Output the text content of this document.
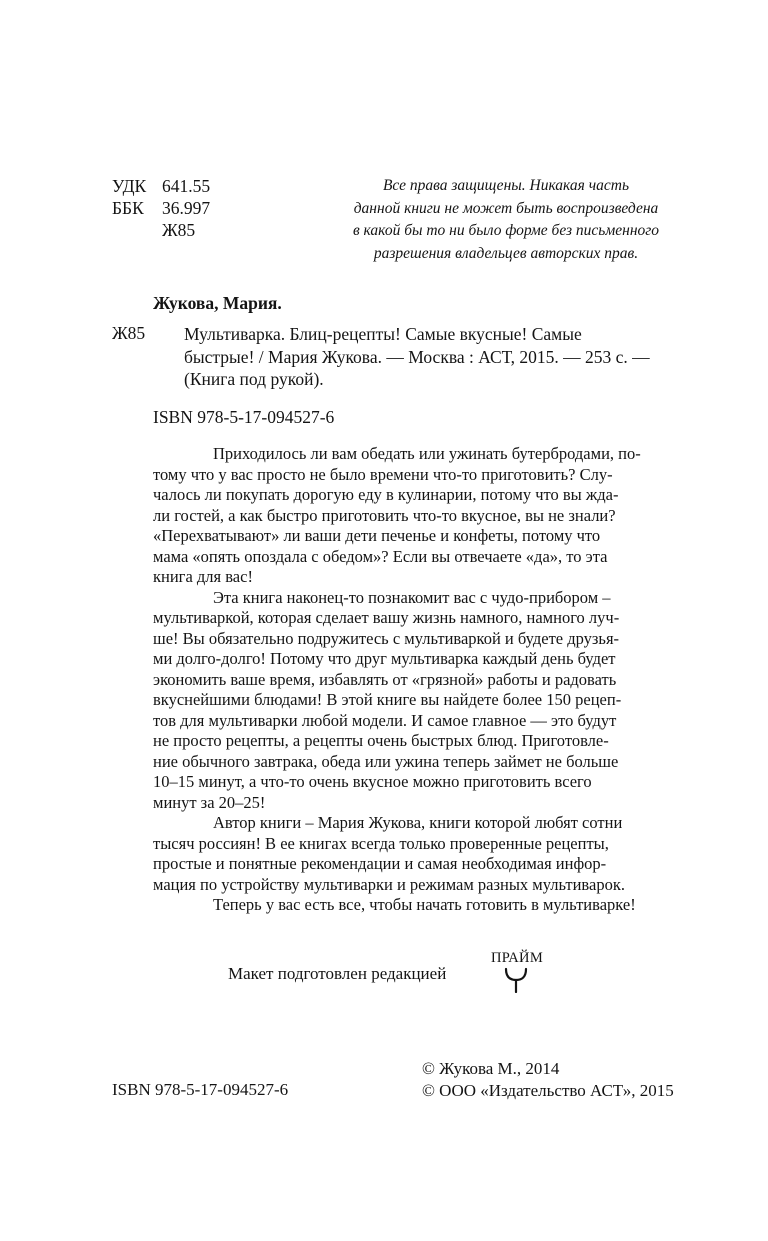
УДК 641.55
ББК 36.997
Ж85
Все права защищены. Никакая часть
данной книги не может быть воспроизведена
в какой бы то ни было форме без письменного
разрешения владельцев авторских прав.
Жукова, Мария.
Ж85 Мультиварка. Блиц-рецепты! Самые вкусные! Самые
быстрые! / Мария Жукова. — Москва : АСТ, 2015. — 253 с. —
(Книга под рукой).
ISBN 978-5-17-094527-6
Приходилось ли вам обедать или ужинать бутербродами, по-
тому что у вас просто не было времени что-то приготовить? Слу-
чалось ли покупать дорогую еду в кулинарии, потому что вы жда-
ли гостей, а как быстро приготовить что-то вкусное, вы не знали?
«Перехватывают» ли ваши дети печенье и конфеты, потому что
мама «опять опоздала с обедом»? Если вы отвечаете «да», то эта
книга для вас!
Эта книга наконец-то познакомит вас с чудо-прибором –
мультиваркой, которая сделает вашу жизнь намного, намного луч-
ше! Вы обязательно подружитесь с мультиваркой и будете друзья-
ми долго-долго! Потому что друг мультиварка каждый день будет
экономить ваше время, избавлять от «грязной» работы и радовать
вкуснейшими блюдами! В этой книге вы найдете более 150 рецеп-
тов для мультиварки любой модели. И самое главное — это будут
не просто рецепты, а рецепты очень быстрых блюд. Приготовле-
ние обычного завтрака, обеда или ужина теперь займет не больше
10–15 минут, а что-то очень вкусное можно приготовить всего
минут за 20–25!
Автор книги – Мария Жукова, книги которой любят сотни
тысяч россиян! В ее книгах всегда только проверенные рецепты,
простые и понятные рекомендации и самая необходимая инфор-
мация по устройству мультиварки и режимам разных мультиварок.
Теперь у вас есть все, чтобы начать готовить в мультиварке!
Макет подготовлен редакцией
ПРАЙМ
© Жукова М., 2014
© ООО «Издательство АСТ», 2015
ISBN 978-5-17-094527-6
